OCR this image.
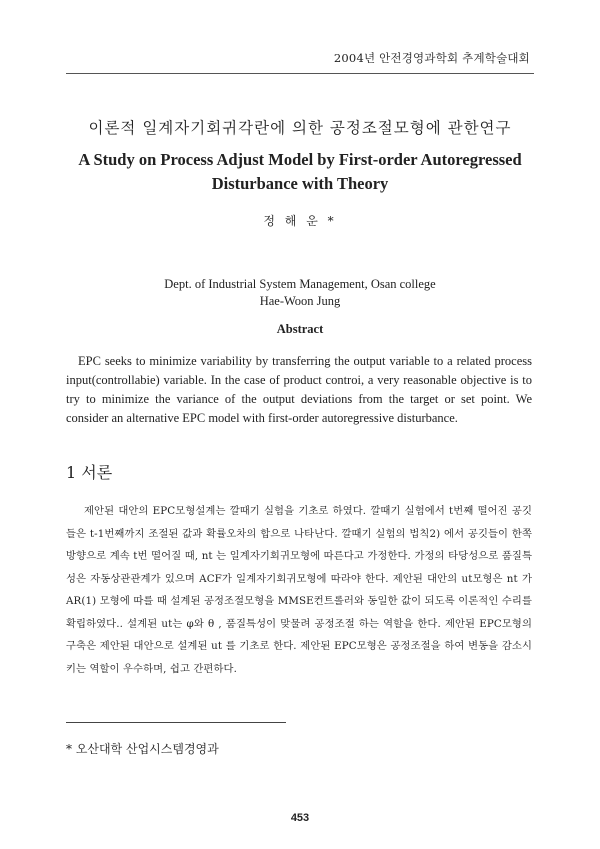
2004년 안전경영과학회 추계학술대회
이론적 일계자기회귀각란에 의한 공정조절모형에 관한연구
A Study on Process Adjust Model by First-order Autoregressed Disturbance with Theory
정 해 운 *
Dept. of Industrial System Management, Osan college
Hae-Woon Jung
Abstract

EPC seeks to minimize variability by transferring the output variable to a related process input(controllabie) variable. In the case of product controi, a very reasonable objective is to try to minimize the variance of the output deviations from the target or set point. We consider an alternative EPC model with first-order autoregressive disturbance.

1 서론

제안된 대안의 EPC모형설계는 깔때기 실험을 기초로 하였다. 깔때기 실험에서 t번째 떨어진 공깃들은 t-1번째까지 조절된 값과 확률오차의 합으로 나타난다. 깔때기 실험의 법칙2) 에서 공깃들이 한쪽방향으로 계속 t번 떨어질 때, nt 는 일계자기회귀모형에 따른다고 가정한다. 가정의 타당성으로 품질특성은 자동상관관계가 있으며 ACF가 일계자기회귀모형에 따라야 한다. 제안된 대안의 ut모형은 nt 가 AR(1) 모형에 따를 때 설계된 공정조절모형을 MMSE컨트롤러와 동일한 값이 되도록 이론적인 수리를 확립하였다.. 설계된 ut는 φ와 θ , 품질특성이 맞물려 공정조절 하는 역할을 한다. 제안된 EPC모형의 구축은 제안된 대안으로 설계된 ut 를 기초로 한다. 제안된 EPC모형은 공정조절을 하여 변동을 감소시키는 역할이 우수하며, 쉽고 간편하다.

* 오산대학 산업시스템경영과
453
